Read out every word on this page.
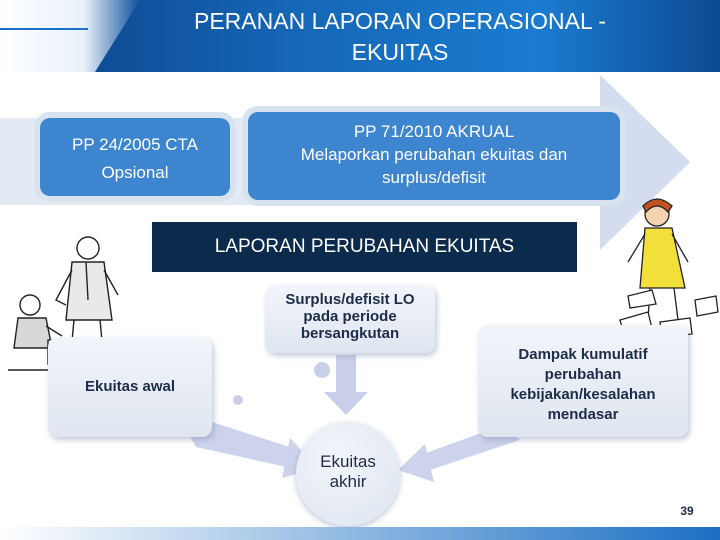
PERANAN LAPORAN OPERASIONAL -
EKUITAS
PP 24/2005 CTA
Opsional
PP 71/2010 AKRUAL
Melaporkan perubahan ekuitas dan
surplus/defisit
LAPORAN PERUBAHAN EKUITAS
Surplus/defisit LO
pada periode
bersangkutan
Ekuitas awal
Dampak kumulatif
perubahan
kebijakan/kesalahan
mendasar
Ekuitas
akhir
39
